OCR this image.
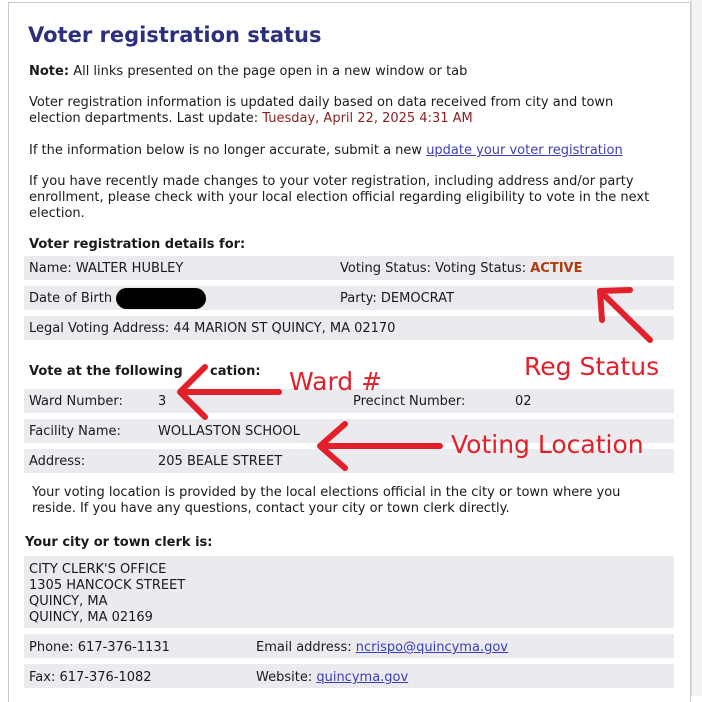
Voter registration status
Note: All links presented on the page open in a new window or tab
Voter registration information is updated daily based on data received from city and town
election departments. Last update: Tuesday, April 22, 2025 4:31 AM
If the information below is no longer accurate, submit a new update your voter registration
If you have recently made changes to your voter registration, including address and/or party
enrollment, please check with your local election official regarding eligibility to vote in the next
election.
Voter registration details for:
Name: WALTER HUBLEY	Voting Status: Voting Status: ACTIVE
Date of Birth	Party: DEMOCRAT
Legal Voting Address: 44 MARION ST QUINCY, MA 02170
Vote at the following cation:
Ward Number:	3	Precinct Number:	02
Facility Name:	WOLLASTON SCHOOL
Address:	205 BEALE STREET
Your voting location is provided by the local elections official in the city or town where you
reside. If you have any questions, contact your city or town clerk directly.
Your city or town clerk is:
CITY CLERK'S OFFICE
1305 HANCOCK STREET
QUINCY, MA
QUINCY, MA 02169
Phone: 617-376-1131	Email address: ncrispo@quincyma.gov
Fax: 617-376-1082	Website: quincyma.gov
Reg Status
Ward #
Voting Location
